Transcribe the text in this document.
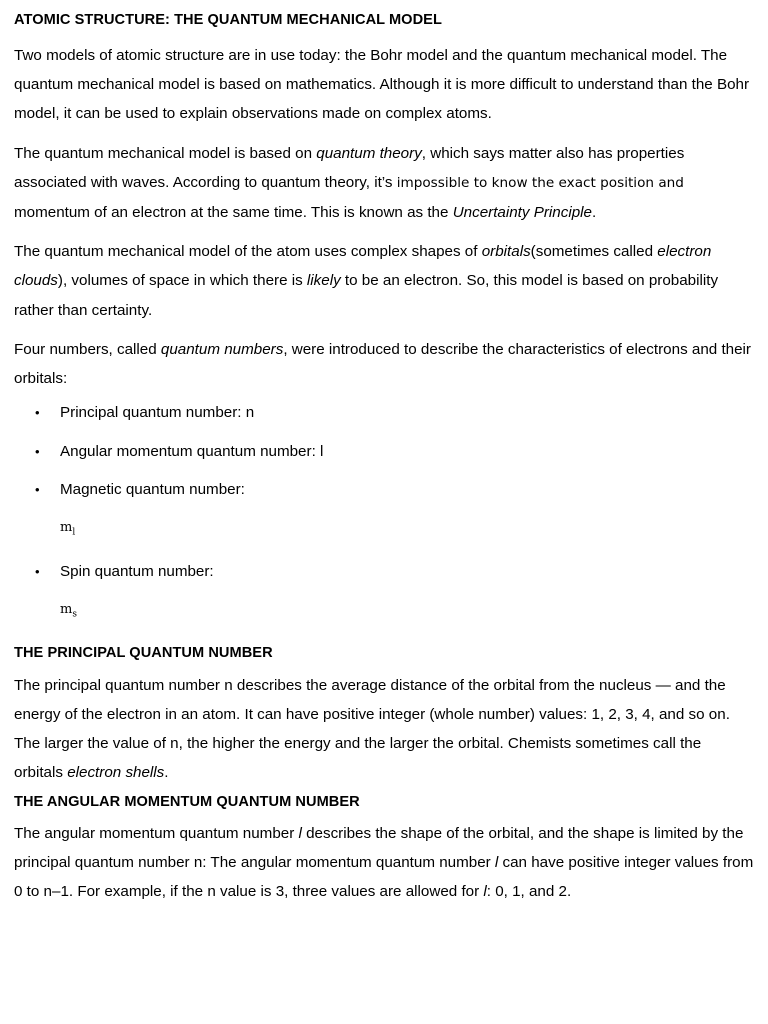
ATOMIC STRUCTURE: THE QUANTUM MECHANICAL MODEL

Two models of atomic structure are in use today: the Bohr model and the quantum mechanical model. The quantum mechanical model is based on mathematics. Although it is more difficult to understand than the Bohr model, it can be used to explain observations made on complex atoms.

The quantum mechanical model is based on quantum theory, which says matter also has properties associated with waves. According to quantum theory, it’s impossible to know the exact position and momentum of an electron at the same time. This is known as the Uncertainty Principle.

The quantum mechanical model of the atom uses complex shapes of orbitals(sometimes called electron clouds), volumes of space in which there is likely to be an electron. So, this model is based on probability rather than certainty.

Four numbers, called quantum numbers, were introduced to describe the characteristics of electrons and their orbitals:

• Principal quantum number: n
• Angular momentum quantum number: l
• Magnetic quantum number:
$m_l$
• Spin quantum number:
$m_s$
THE PRINCIPAL QUANTUM NUMBER

The principal quantum number n describes the average distance of the orbital from the nucleus — and the energy of the electron in an atom. It can have positive integer (whole number) values: 1, 2, 3, 4, and so on. The larger the value of n, the higher the energy and the larger the orbital. Chemists sometimes call the orbitals electron shells.

THE ANGULAR MOMENTUM QUANTUM NUMBER

The angular momentum quantum number l describes the shape of the orbital, and the shape is limited by the principal quantum number n: The angular momentum quantum number l can have positive integer values from 0 to n–1. For example, if the n value is 3, three values are allowed for l: 0, 1, and 2.
